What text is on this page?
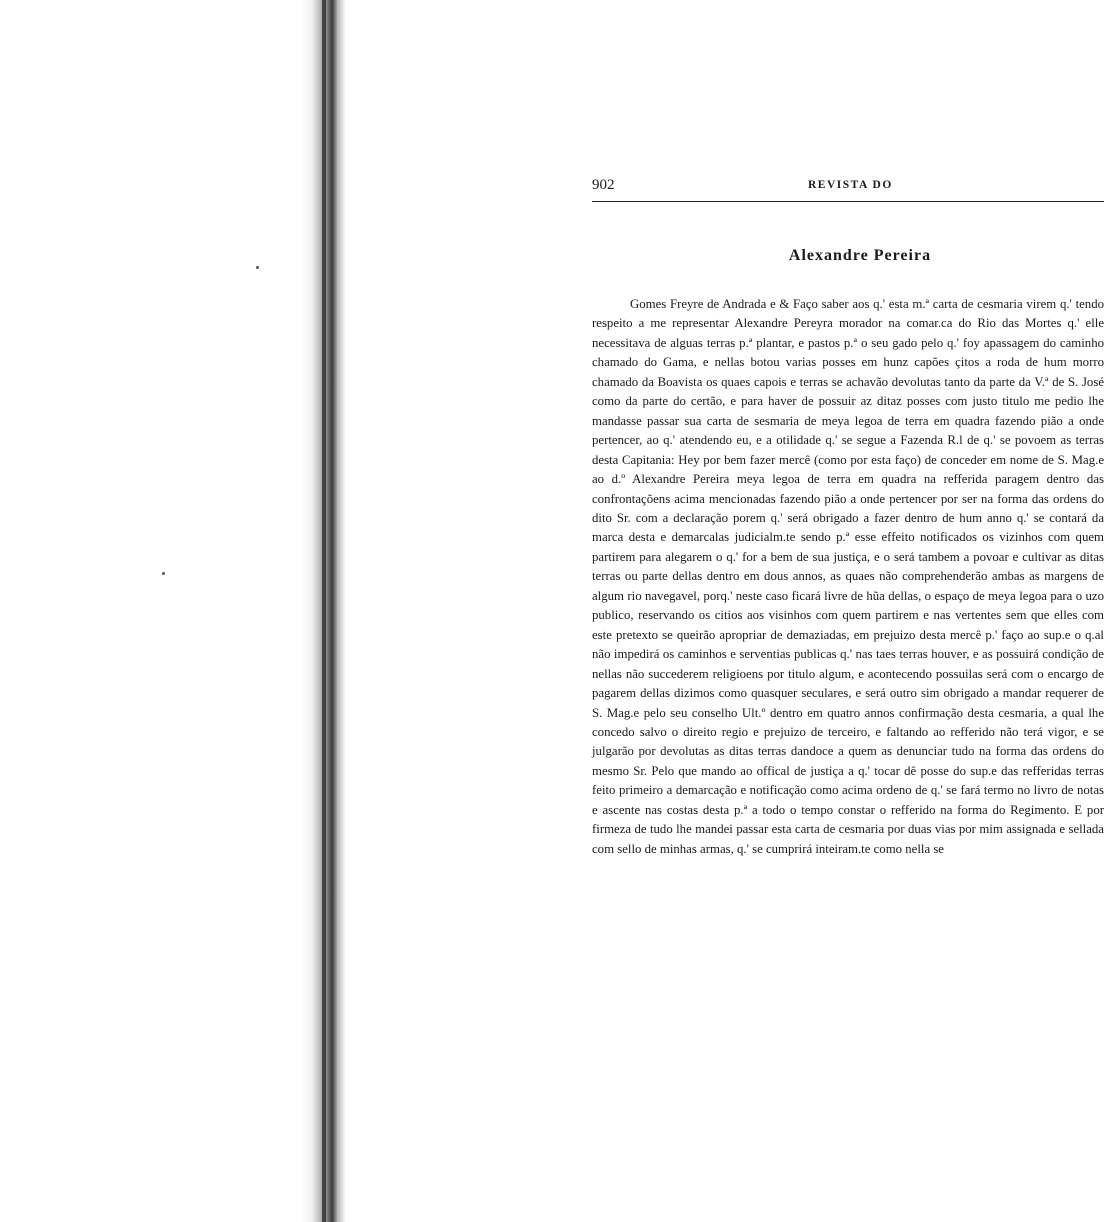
902	REVISTA DO
Alexandre Pereira

Gomes Freyre de Andrada e & Faço saber aos q.' esta m.ª carta de cesmaria virem q.' tendo respeito a me representar Alexandre Pereyra morador na comar.ca do Rio das Mortes q.' elle necessitava de alguas terras p.ª plantar, e pastos p.ª o seu gado pelo q.' foy apassagem do caminho chamado do Gama, e nellas botou varias posses em hunz capões çitos a roda de hum morro chamado da Boavista os quaes capois e terras se achavão devolutas tanto da parte da V.ª de S. José como da parte do certão, e para haver de possuir az ditaz posses com justo titulo me pedio lhe mandasse passar sua carta de sesmaria de meya legoa de terra em quadra fazendo pião a onde pertencer, ao q.' atendendo eu, e a otilidade q.' se segue a Fazenda R.l de q.' se povoem as terras desta Capitania: Hey por bem fazer mercê (como por esta faço) de conceder em nome de S. Mag.e ao d.º Alexandre Pereira meya legoa de terra em quadra na refferida paragem dentro das confrontaçõens acima mencionadas fazendo pião a onde pertencer por ser na forma das ordens do dito Sr. com a declaração porem q.' será obrigado a fazer dentro de hum anno q.' se contará da marca desta e demarcalas judicialm.te sendo p.ª esse effeito notificados os vizinhos com quem partirem para alegarem o q.' for a bem de sua justiça, e o será tambem a povoar e cultivar as ditas terras ou parte dellas dentro em dous annos, as quaes não comprehenderão ambas as margens de algum rio navegavel, porq.' neste caso ficará livre de hũa dellas, o espaço de meya legoa para o uzo publico, reservando os citios aos visinhos com quem partirem e nas vertentes sem que elles com este pretexto se queirão apropriar de demaziadas, em prejuizo desta mercê p.' faço ao sup.e o q.al não impedirá os caminhos e serventias publicas q.' nas taes terras houver, e as possuirá condição de nellas não succederem religioens por titulo algum, e acontecendo possuilas será com o encargo de pagarem dellas dizimos como quasquer seculares, e será outro sim obrigado a mandar requerer de S. Mag.e pelo seu conselho Ult.º dentro em quatro annos confirmação desta cesmaria, a qual lhe concedo salvo o direito regio e prejuizo de terceiro, e faltando ao refferido não terá vigor, e se julgarão por devolutas as ditas terras dandoce a quem as denunciar tudo na forma das ordens do mesmo Sr. Pelo que mando ao offical de justiça a q.' tocar dê posse do sup.e das refferidas terras feito primeiro a demarcação e notificação como acima ordeno de q.' se fará termo no livro de notas e ascente nas costas desta p.ª a todo o tempo constar o refferido na forma do Regimento. E por firmeza de tudo lhe mandei passar esta carta de cesmaria por duas vias por mim assignada e sellada com sello de minhas armas, q.' se cumprirá inteiram.te como nella se
